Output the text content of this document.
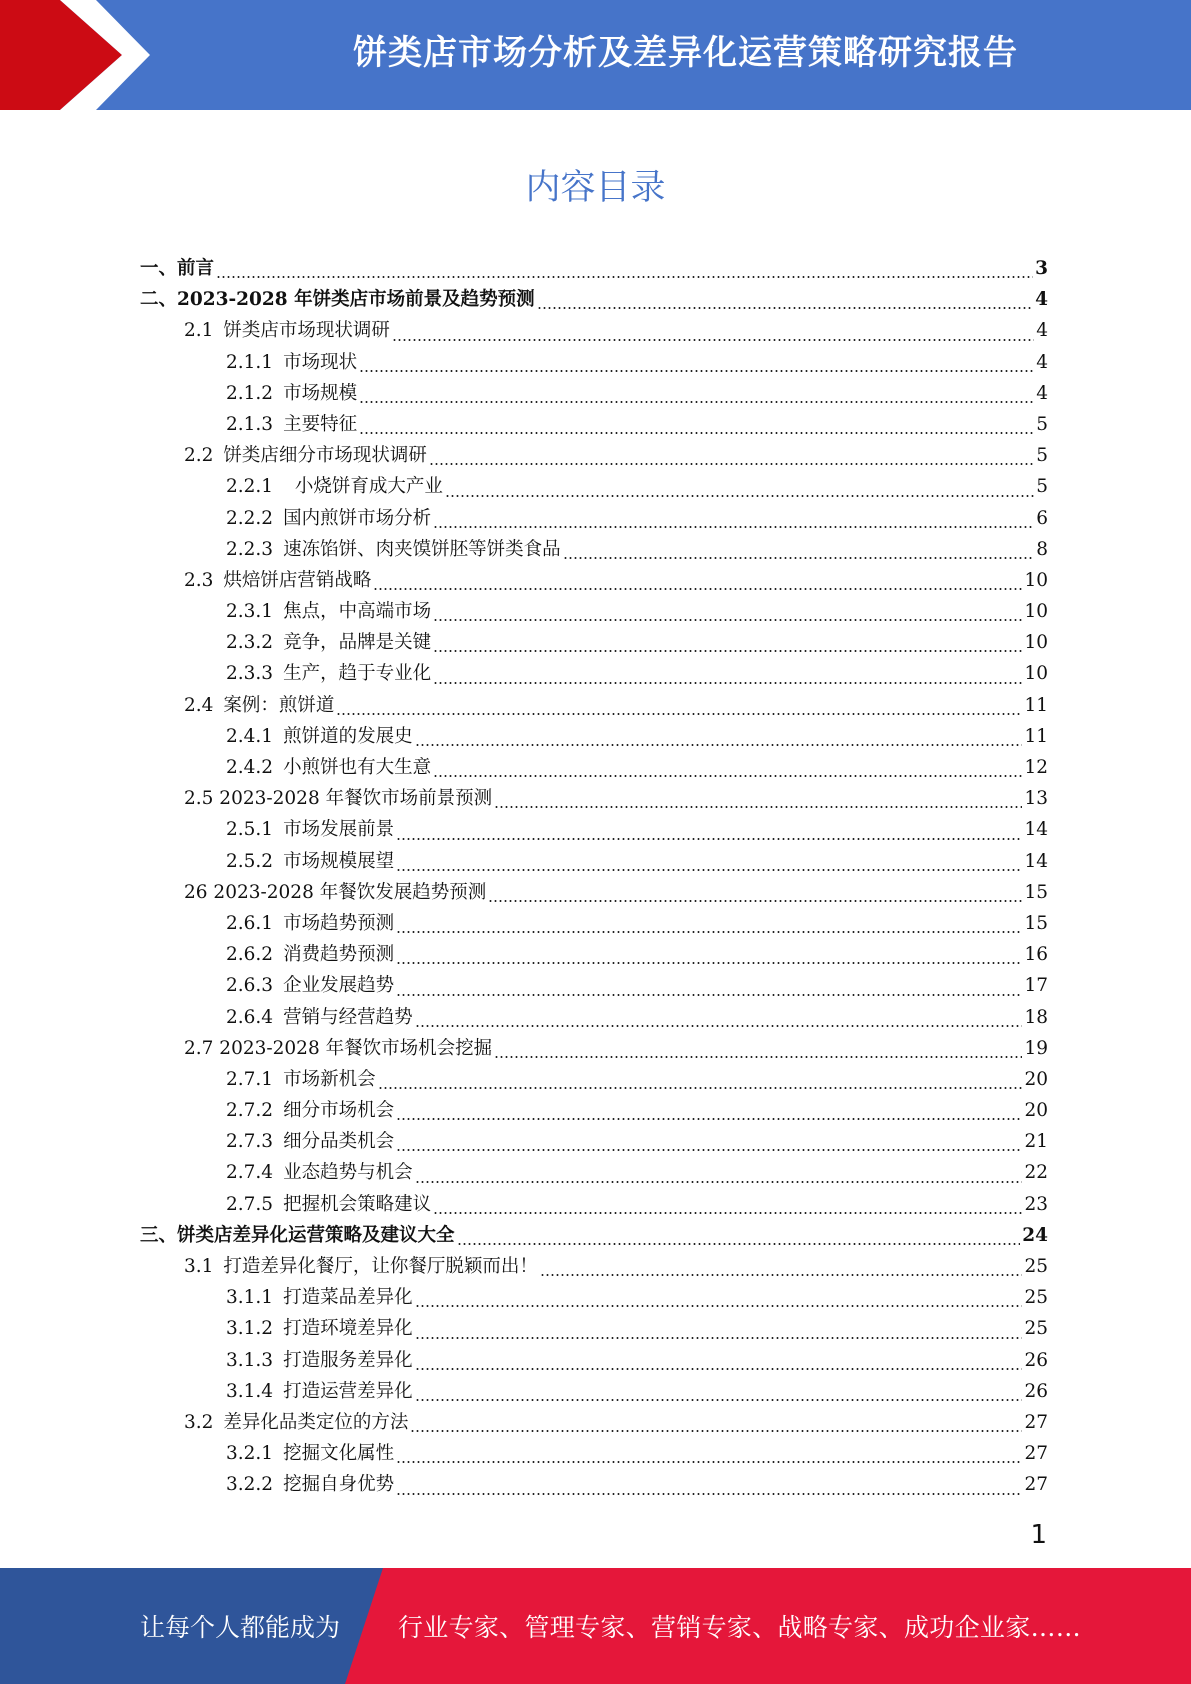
饼类店市场分析及差异化运营策略研究报告
内容目录
一、前言	3
二、2023-2028 年饼类店市场前景及趋势预测	4
2.1 饼类店市场现状调研	4
2.1.1 市场现状	4
2.1.2 市场规模	4
2.1.3 主要特征	5
2.2 饼类店细分市场现状调研	5
2.2.1  小烧饼育成大产业	5
2.2.2 国内煎饼市场分析	6
2.2.3 速冻馅饼、肉夹馍饼胚等饼类食品	8
2.3 烘焙饼店营销战略	10
2.3.1 焦点，中高端市场	10
2.3.2 竞争，品牌是关键	10
2.3.3 生产，趋于专业化	10
2.4 案例：煎饼道	11
2.4.1 煎饼道的发展史	11
2.4.2 小煎饼也有大生意	12
2.5 2023-2028 年餐饮市场前景预测	13
2.5.1 市场发展前景	14
2.5.2 市场规模展望	14
26 2023-2028 年餐饮发展趋势预测	15
2.6.1 市场趋势预测	15
2.6.2 消费趋势预测	16
2.6.3 企业发展趋势	17
2.6.4 营销与经营趋势	18
2.7 2023-2028 年餐饮市场机会挖掘	19
2.7.1 市场新机会	20
2.7.2 细分市场机会	20
2.7.3 细分品类机会	21
2.7.4 业态趋势与机会	22
2.7.5 把握机会策略建议	23
三、饼类店差异化运营策略及建议大全	24
3.1 打造差异化餐厅，让你餐厅脱颖而出！	25
3.1.1 打造菜品差异化	25
3.1.2 打造环境差异化	25
3.1.3 打造服务差异化	26
3.1.4 打造运营差异化	26
3.2 差异化品类定位的方法	27
3.2.1 挖掘文化属性	27
3.2.2 挖掘自身优势	27
1
让每个人都能成为 行业专家、管理专家、营销专家、战略专家、成功企业家……
